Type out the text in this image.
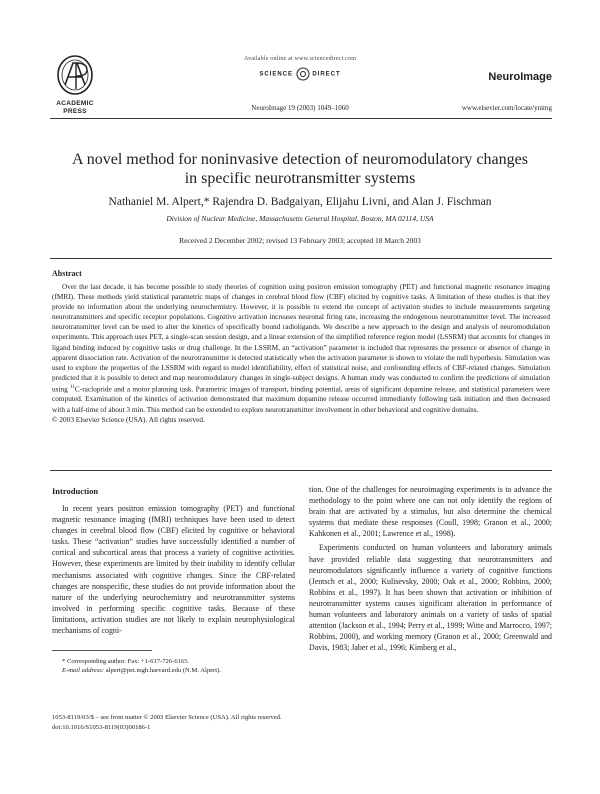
ACADEMIC
PRESS
Available online at www.sciencedirect.com
SCIENCE	DIRECT	NeuroImage
NeuroImage 19 (2003) 1049–1060	www.elsevier.com/locate/ynimg
A novel method for noninvasive detection of neuromodulatory changes
in specific neurotransmitter systems
Nathaniel M. Alpert,* Rajendra D. Badgaiyan, Elijahu Livni, and Alan J. Fischman
Division of Nuclear Medicine, Massachusetts General Hospital, Boston, MA 02114, USA
Received 2 December 2002; revised 13 February 2003; accepted 18 March 2003
Abstract

Over the last decade, it has become possible to study theories of cognition using positron emission tomography (PET) and functional magnetic resonance imaging (fMRI). These methods yield statistical parametric maps of changes in cerebral blood flow (CBF) elicited by cognitive tasks. A limitation of these studies is that they provide no information about the underlying neurochemistry. However, it is possible to extend the concept of activation studies to include measurements targeting neurotransmitters and specific receptor populations. Cognitive activation increases neuronal firing rate, increasing the endogenous neurotransmitter level. The increased neurotransmitter level can be used to alter the kinetics of specifically bound radioligands. We describe a new approach to the design and analysis of neuromodulation experiments. This approach uses PET, a single-scan session design, and a linear extension of the simplified reference region model (LSSRM) that accounts for changes in ligand binding induced by cognitive tasks or drug challenge. In the LSSRM, an “activation” parameter is included that represents the presence or absence of change in apparent dissociation rate. Activation of the neurotransmitter is detected statistically when the activation parameter is shown to violate the null hypothesis. Simulation was used to explore the properties of the LSSRM with regard to model identifiability, effect of statistical noise, and confounding effects of CBF-related changes. Simulation predicted that it is possible to detect and map neuromodulatory changes in single-subject designs. A human study was conducted to confirm the predictions of simulation using $^{11}$C-raclopride and a motor planning task. Parametric images of transport, binding potential, areas of significant dopamine release, and statistical parameters were computed. Examination of the kinetics of activation demonstrated that maximum dopamine release occurred immediately following task initiation and then decreased with a half-time of about 3 min. This method can be extended to explore neurotransmitter involvement in other behavioral and cognitive domains.
© 2003 Elsevier Science (USA). All rights reserved.

Introduction

In recent years positron emission tomography (PET) and functional magnetic resonance imaging (fMRI) techniques have been used to detect changes in cerebral blood flow (CBF) elicited by cognitive or behavioral tasks. These “activation” studies have successfully identified a number of cortical and subcortical areas that process a variety of cognitive activities. However, these experiments are limited by their inability to identify cellular mechanisms associated with cognitive changes. Since the CBF-related changes are nonspecific, these studies do not provide information about the nature of the underlying neurochemistry and neurotransmitter systems involved in performing specific cognitive tasks. Because of these limitations, activation studies are not likely to explain neurophysiological mechanisms of cogni-

tion. One of the challenges for neuroimaging experiments is to advance the methodology to the point where one can not only identify the regions of brain that are activated by a stimulus, but also determine the chemical systems that mediate these responses (Coull, 1998; Granon et al., 2000; Kahkonen et al., 2001; Lawrence et al., 1998).

Experiments conducted on human volunteers and laboratory animals have provided reliable data suggesting that neurotransmitters and neuromodulators significantly influence a variety of cognitive functions (Jentsch et al., 2000; Kulisevsky, 2000; Oak et al., 2000; Robbins, 2000; Robbins et al., 1997). It has been shown that activation or inhibition of neurotransmitter systems causes significant alteration in performance of human volunteers and laboratory animals on a variety of tasks of spatial attention (Jackson et al., 1994; Perry et al., 1999; Witte and Marrocco, 1997; Robbins, 2000), and working memory (Granon et al., 2000; Greenwald and Davis, 1983; Jaber et al., 1996; Kimberg et al.,

* Corresponding author. Fax: +1-617-726-6165.
E-mail address: alpert@pet.mgh.harvard.edu (N.M. Alpert).
1053-8119/03/$ – see front matter © 2003 Elsevier Science (USA). All rights reserved.
doi:10.1016/S1053-8119(03)00186-1
